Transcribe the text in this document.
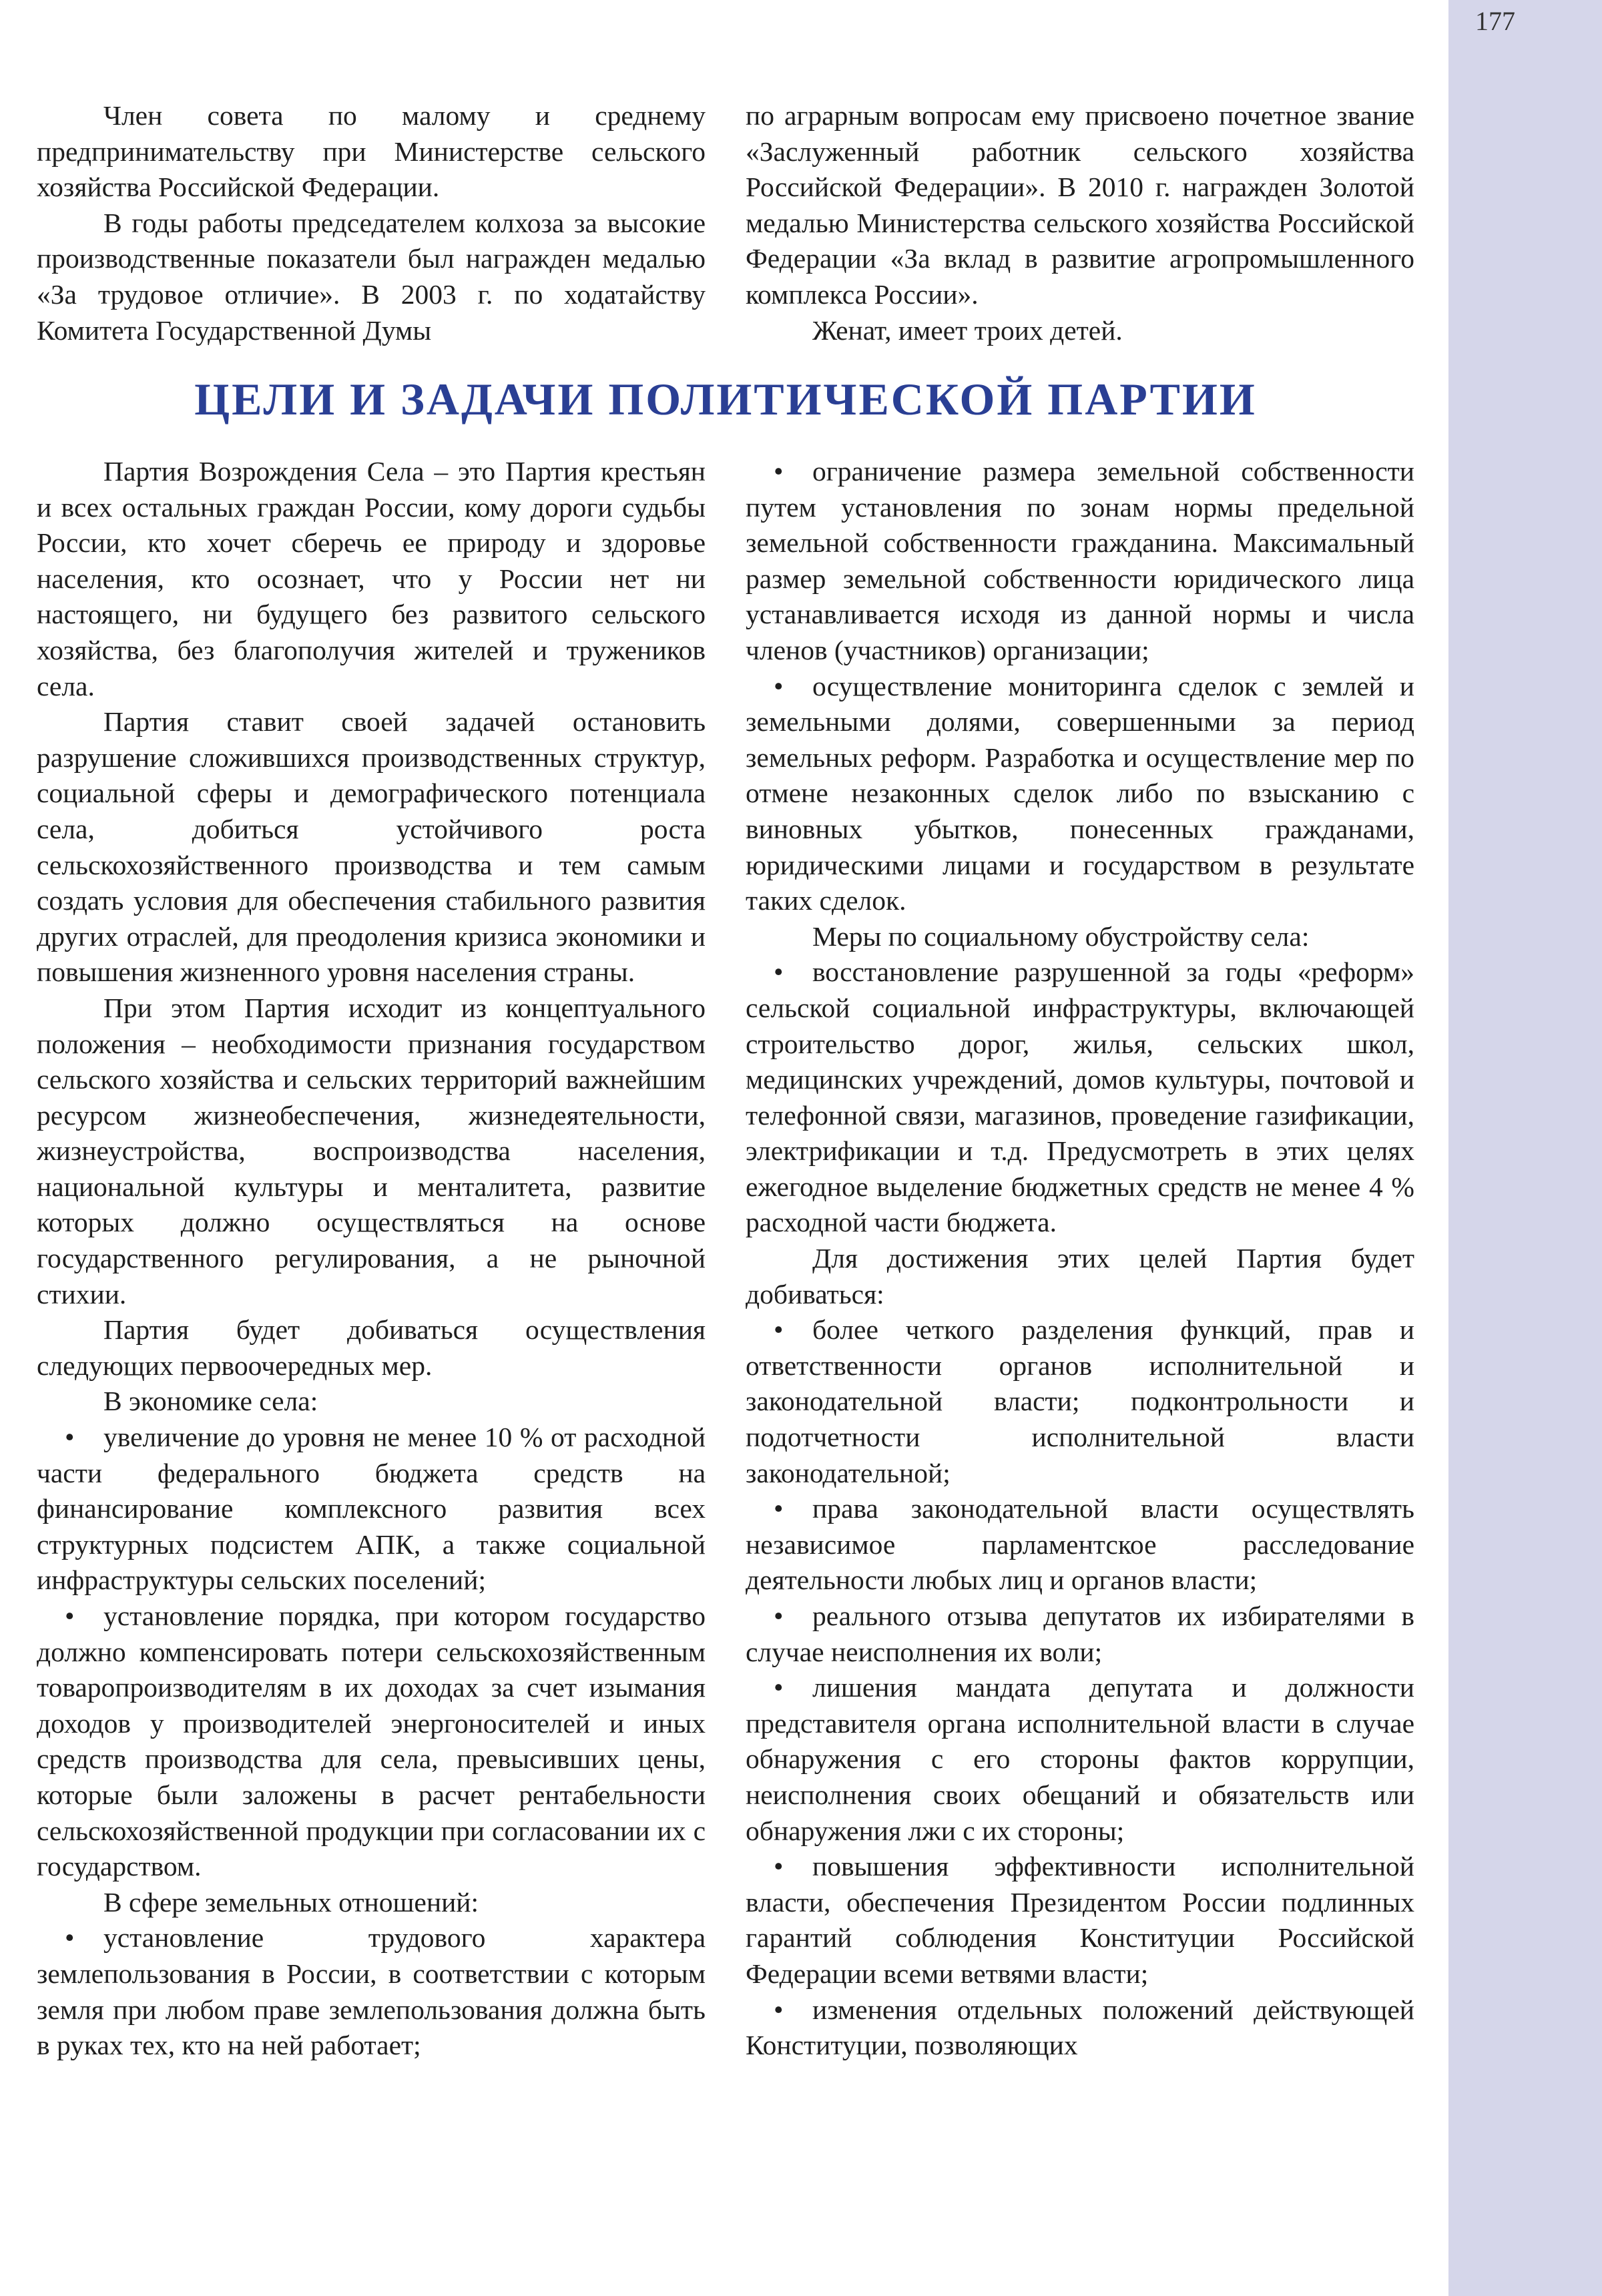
177

Член совета по малому и среднему предпринимательству при Министерстве сельского хозяйства Российской Федерации.

В годы работы председателем колхоза за высокие производственные показатели был награжден медалью «За трудовое отличие». В 2003 г. по ходатайству Комитета Государственной Думы

по аграрным вопросам ему присвоено почетное звание «Заслуженный работник сельского хозяйства Российской Федерации». В 2010 г. награжден Золотой медалью Министерства сельского хозяйства Российской Федерации «За вклад в развитие агропромышленного комплекса России».

Женат, имеет троих детей.

ЦЕЛИ И ЗАДАЧИ ПОЛИТИЧЕСКОЙ ПАРТИИ

Партия Возрождения Села – это Партия крестьян и всех остальных граждан России, кому дороги судьбы России, кто хочет сберечь ее природу и здоровье населения, кто осознает, что у России нет ни настоящего, ни будущего без развитого сельского хозяйства, без благополучия жителей и тружеников села.

Партия ставит своей задачей остановить разрушение сложившихся производственных структур, социальной сферы и демографического потенциала села, добиться устойчивого роста сельскохозяйственного производства и тем самым создать условия для обеспечения стабильного развития других отраслей, для преодоления кризиса экономики и повышения жизненного уровня населения страны.

При этом Партия исходит из концептуального положения – необходимости признания государством сельского хозяйства и сельских территорий важнейшим ресурсом жизнеобеспечения, жизнедеятельности, жизнеустройства, воспроизводства населения, национальной культуры и менталитета, развитие которых должно осуществляться на основе государственного регулирования, а не рыночной стихии.

Партия будет добиваться осуществления следующих первоочередных мер.

В экономике села:

• увеличение до уровня не менее 10 % от расходной части федерального бюджета средств на финансирование комплексного развития всех структурных подсистем АПК, а также социальной инфраструктуры сельских поселений;

• установление порядка, при котором государство должно компенсировать потери сельскохозяйственным товаропроизводителям в их доходах за счет изымания доходов у производителей энергоносителей и иных средств производства для села, превысивших цены, которые были заложены в расчет рентабельности сельскохозяйственной продукции при согласовании их с государством.

В сфере земельных отношений:

• установление трудового характера землепользования в России, в соответствии с которым земля при любом праве землепользования должна быть в руках тех, кто на ней работает;

• ограничение размера земельной собственности путем установления по зонам нормы предельной земельной собственности гражданина. Максимальный размер земельной собственности юридического лица устанавливается исходя из данной нормы и числа членов (участников) организации;

• осуществление мониторинга сделок с землей и земельными долями, совершенными за период земельных реформ. Разработка и осуществление мер по отмене незаконных сделок либо по взысканию с виновных убытков, понесенных гражданами, юридическими лицами и государством в результате таких сделок.

Меры по социальному обустройству села:

• восстановление разрушенной за годы «реформ» сельской социальной инфраструктуры, включающей строительство дорог, жилья, сельских школ, медицинских учреждений, домов культуры, почтовой и телефонной связи, магазинов, проведение газификации, электрификации и т.д. Предусмотреть в этих целях ежегодное выделение бюджетных средств не менее 4 % расходной части бюджета.

Для достижения этих целей Партия будет добиваться:

• более четкого разделения функций, прав и ответственности органов исполнительной и законодательной власти; подконтрольности и подотчетности исполнительной власти законодательной;

• права законодательной власти осуществлять независимое парламентское расследование деятельности любых лиц и органов власти;

• реального отзыва депутатов их избирателями в случае неисполнения их воли;

• лишения мандата депутата и должности представителя органа исполнительной власти в случае обнаружения с его стороны фактов коррупции, неисполнения своих обещаний и обязательств или обнаружения лжи с их стороны;

• повышения эффективности исполнительной власти, обеспечения Президентом России подлинных гарантий соблюдения Конституции Российской Федерации всеми ветвями власти;

• изменения отдельных положений действующей Конституции, позволяющих
